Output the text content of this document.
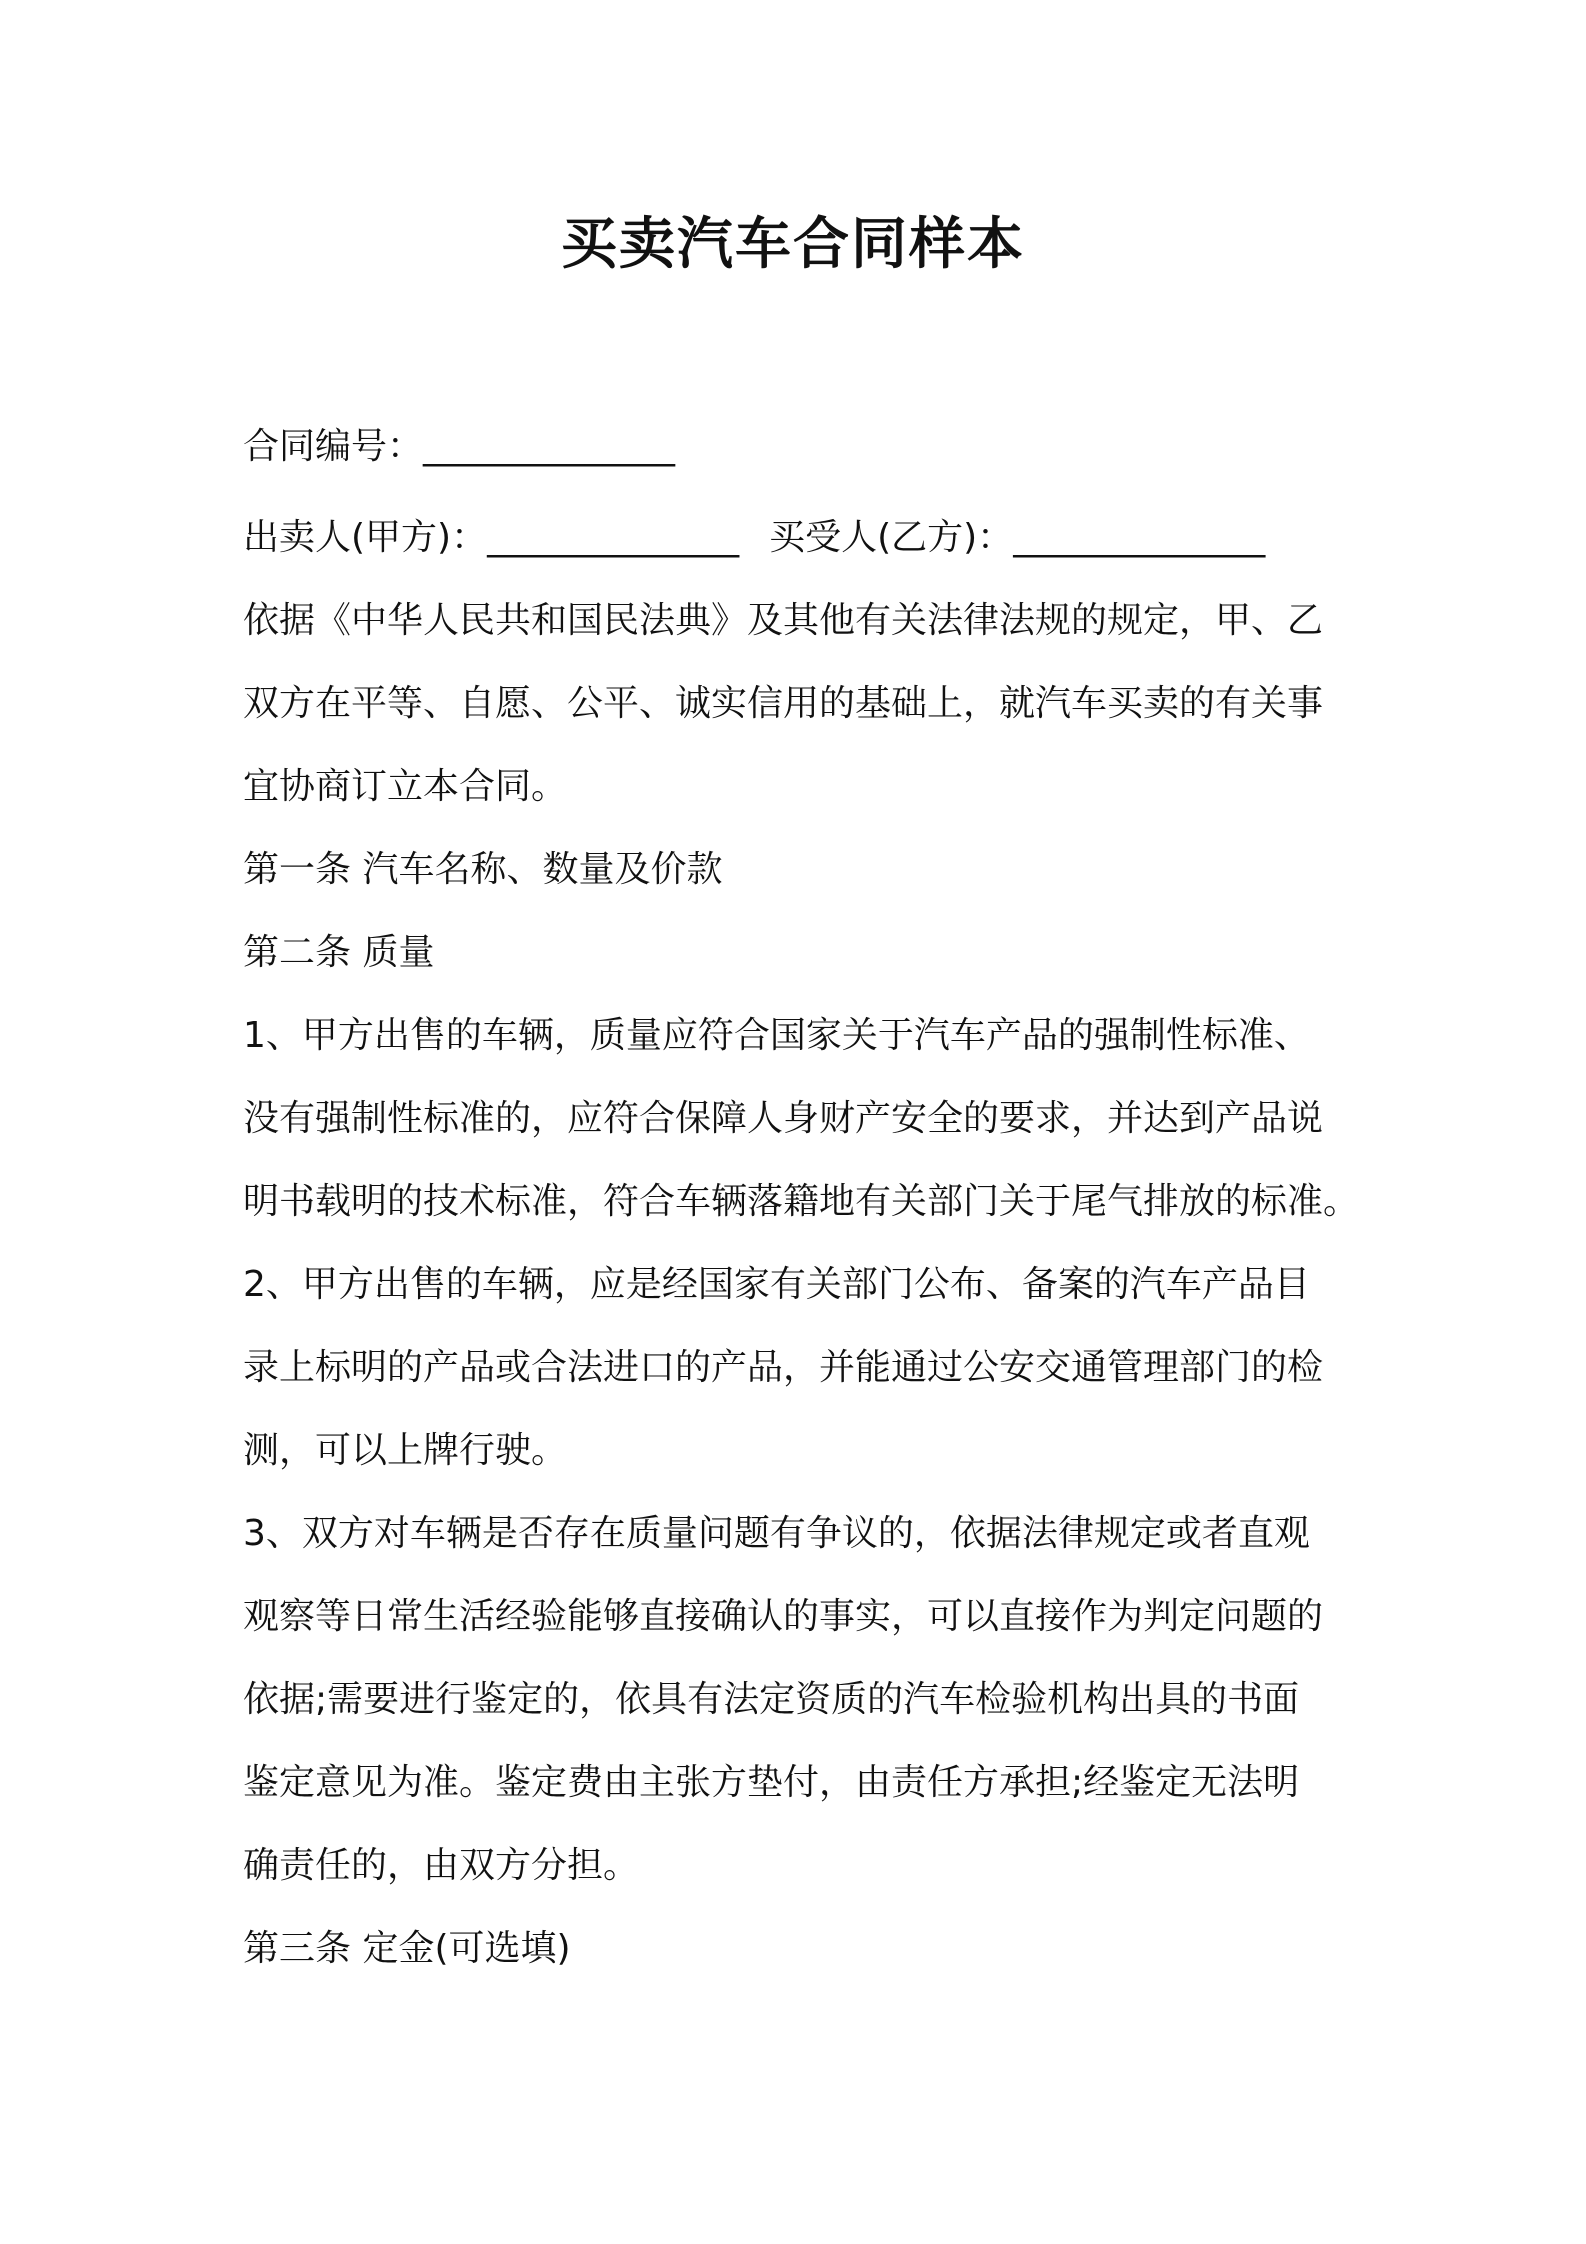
买卖汽车合同样本
合同编号：______________
出卖人(甲方)：______________ 买受人(乙方)：______________
依据《中华人民共和国民法典》及其他有关法律法规的规定，甲、乙
双方在平等、自愿、公平、诚实信用的基础上，就汽车买卖的有关事
宜协商订立本合同。
第一条 汽车名称、数量及价款
第二条 质量
1、甲方出售的车辆，质量应符合国家关于汽车产品的强制性标准、
没有强制性标准的，应符合保障人身财产安全的要求，并达到产品说
明书载明的技术标准，符合车辆落籍地有关部门关于尾气排放的标准。
2、甲方出售的车辆，应是经国家有关部门公布、备案的汽车产品目
录上标明的产品或合法进口的产品，并能通过公安交通管理部门的检
测，可以上牌行驶。
3、双方对车辆是否存在质量问题有争议的，依据法律规定或者直观
观察等日常生活经验能够直接确认的事实，可以直接作为判定问题的
依据;需要进行鉴定的，依具有法定资质的汽车检验机构出具的书面
鉴定意见为准。鉴定费由主张方垫付，由责任方承担;经鉴定无法明
确责任的，由双方分担。
第三条 定金(可选填)
